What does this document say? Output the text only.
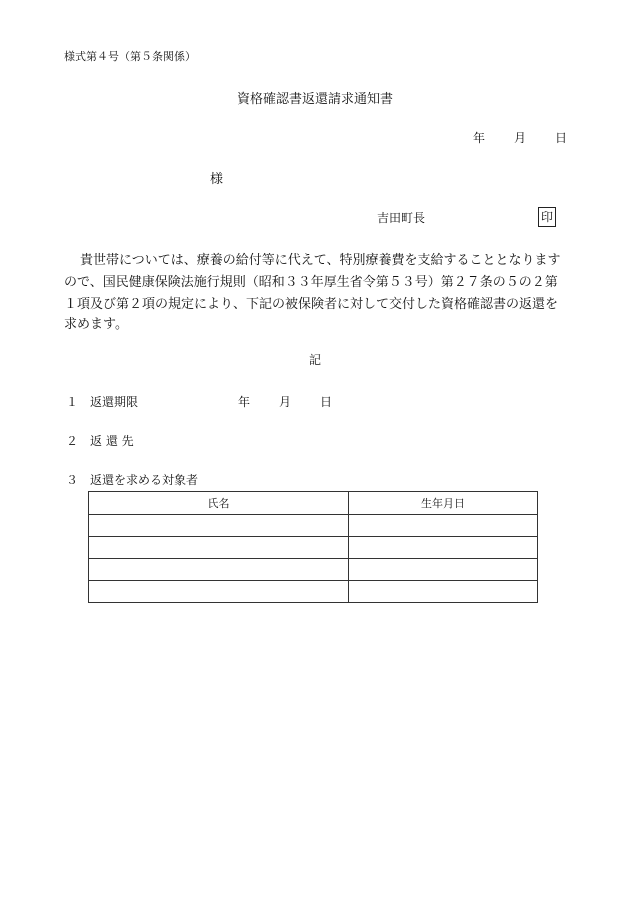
様式第４号（第５条関係）
資格確認書返還請求通知書
年 月 日
様
吉田町長	印
貴世帯については、療養の給付等に代えて、特別療養費を支給することとなります
ので、国民健康保険法施行規則（昭和３３年厚生省令第５３号）第２７条の５の２第
１項及び第２項の規定により、下記の被保険者に対して交付した資格確認書の返還を
求めます。
記
１ 返還期限	年 月 日
２ 返 還 先
３ 返還を求める対象者
氏名	生年月日
